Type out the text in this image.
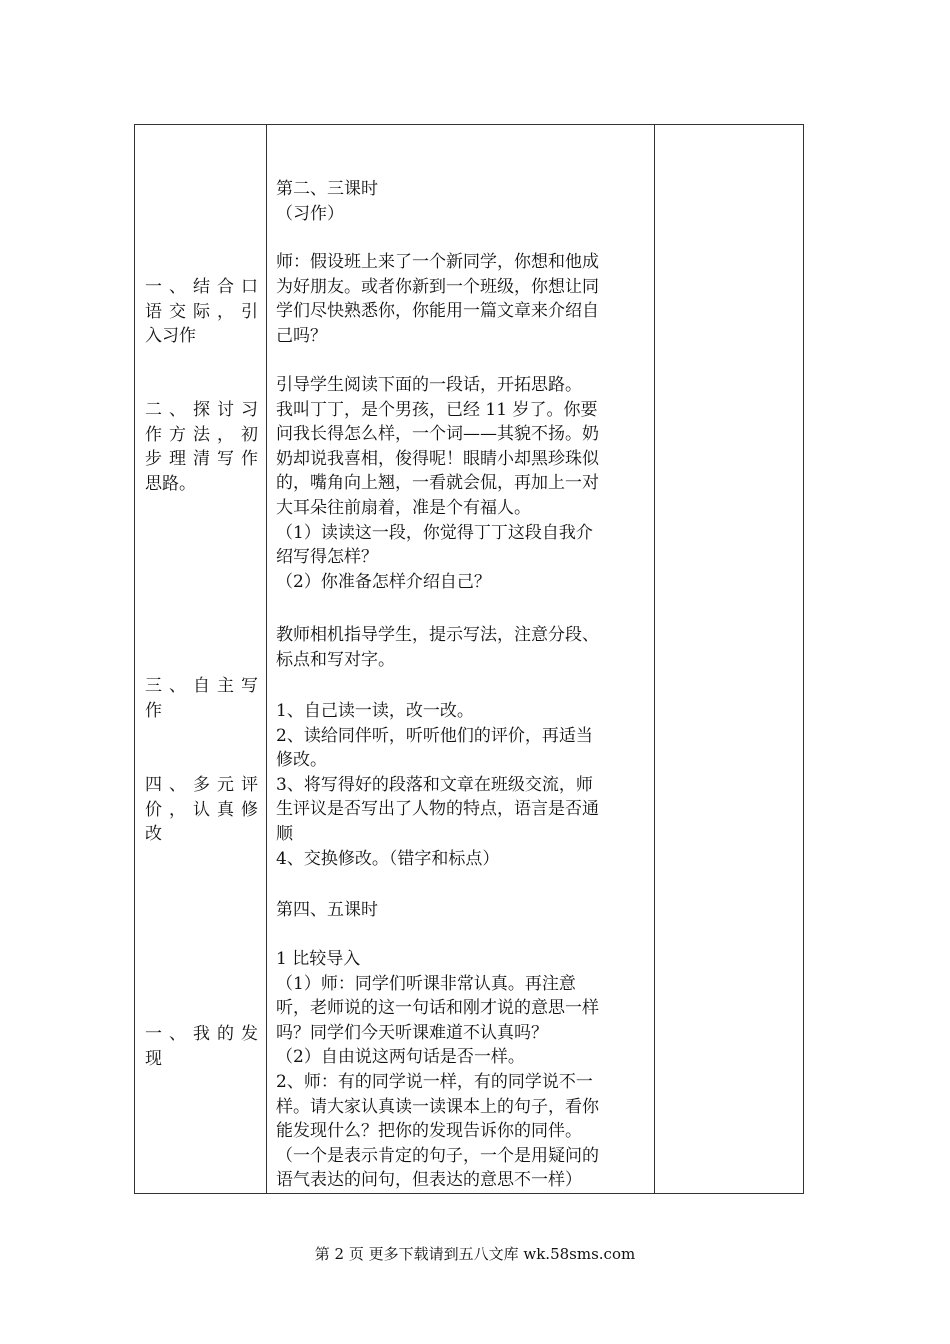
一、结合口
语交际，引
入习作
二、探讨习
作方法，初
步理清写作
思路。
三、自主写
作
四、多元评
价，认真修
改
一、我的发
现
第二、三课时
（习作）
师：假设班上来了一个新同学，你想和他成
为好朋友。或者你新到一个班级，你想让同
学们尽快熟悉你，你能用一篇文章来介绍自
己吗？
引导学生阅读下面的一段话，开拓思路。
我叫丁丁，是个男孩，已经 11 岁了。你要
问我长得怎么样，一个词——其貌不扬。奶
奶却说我喜相，俊得呢！眼睛小却黑珍珠似
的，嘴角向上翘，一看就会侃，再加上一对
大耳朵往前扇着，准是个有福人。
（1）读读这一段，你觉得丁丁这段自我介
绍写得怎样？
（2）你准备怎样介绍自己？
教师相机指导学生，提示写法，注意分段、
标点和写对字。
1、自己读一读，改一改。
2、读给同伴听，听听他们的评价，再适当
修改。
3、将写得好的段落和文章在班级交流，师
生评议是否写出了人物的特点，语言是否通
顺
4、交换修改。（错字和标点）
第四、五课时
1 比较导入
（1）师：同学们听课非常认真。再注意
听，老师说的这一句话和刚才说的意思一样
吗？同学们今天听课难道不认真吗？
（2）自由说这两句话是否一样。
2、师：有的同学说一样，有的同学说不一
样。请大家认真读一读课本上的句子，看你
能发现什么？把你的发现告诉你的同伴。
（一个是表示肯定的句子，一个是用疑问的
语气表达的问句，但表达的意思不一样）
第 2 页 更多下载请到五八文库 wk.58sms.com
